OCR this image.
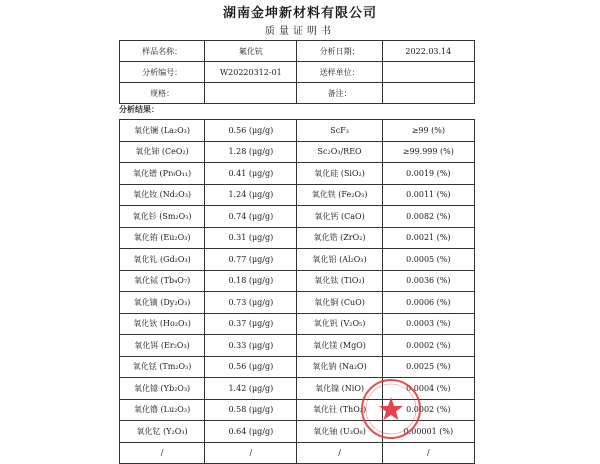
湖南金坤新材料有限公司
质量证明书
样品名称：	氟化钪	分析日期：	2022.03.14
分析编号：	W20220312-01	送样单位：	
规格：		备注：	
分析结果：
氧化镧 (La₂O₃)	0.56 (μg/g)	ScF₃	≥99 (%)
氧化铈 (CeO₂)	1.28 (μg/g)	Sc₂O₃/REO	≥99.999 (%)
氧化镨 (Pr₆O₁₁)	0.41 (μg/g)	氧化硅 (SiO₂)	0.0019 (%)
氧化钕 (Nd₂O₃)	1.24 (μg/g)	氧化铁 (Fe₂O₃)	0.0011 (%)
氧化钐 (Sm₂O₃)	0.74 (μg/g)	氧化钙 (CaO)	0.0082 (%)
氧化铕 (Eu₂O₃)	0.31 (μg/g)	氧化锆 (ZrO₂)	0.0021 (%)
氧化钆 (Gd₂O₃)	0.77 (μg/g)	氧化铝 (Al₂O₃)	0.0005 (%)
氧化铽 (Tb₄O₇)	0.18 (μg/g)	氧化钛 (TiO₂)	0.0036 (%)
氧化镝 (Dy₂O₃)	0.73 (μg/g)	氧化铜 (CuO)	0.0006 (%)
氧化钬 (Ho₂O₃)	0.37 (μg/g)	氧化钒 (V₂O₅)	0.0003 (%)
氧化铒 (Er₂O₃)	0.33 (μg/g)	氧化镁 (MgO)	0.0002 (%)
氧化铥 (Tm₂O₃)	0.56 (μg/g)	氧化钠 (Na₂O)	0.0025 (%)
氧化镱 (Yb₂O₃)	1.42 (μg/g)	氧化镍 (NiO)	0.0004 (%)
氧化镥 (Lu₂O₃)	0.58 (μg/g)	氧化钍 (ThO₂)	0.0002 (%)
氧化钇 (Y₂O₃)	0.64 (μg/g)	氧化铀 (U₃O₈)	0.00001 (%)
/	/	/	/
